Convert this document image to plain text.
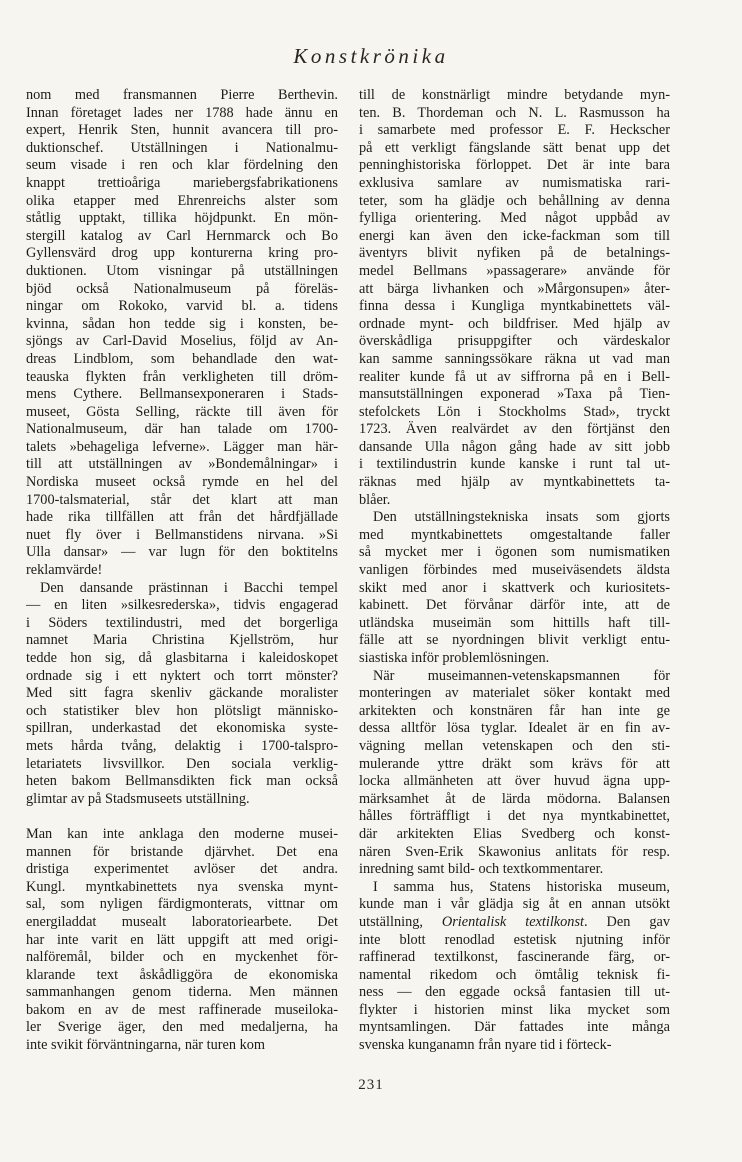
Konstkrönika
nom med fransmannen Pierre Berthevin.
Innan företaget lades ner 1788 hade ännu en
expert, Henrik Sten, hunnit avancera till pro-
duktionschef. Utställningen i Nationalmu-
seum visade i ren och klar fördelning den
knappt trettioåriga mariebergsfabrikationens
olika etapper med Ehrenreichs alster som
ståtlig upptakt, tillika höjdpunkt. En mön-
stergill katalog av Carl Hernmarck och Bo
Gyllensvärd drog upp konturerna kring pro-
duktionen. Utom visningar på utställningen
bjöd också Nationalmuseum på föreläs-
ningar om Rokoko, varvid bl. a. tidens
kvinna, sådan hon tedde sig i konsten, be-
sjöngs av Carl-David Moselius, följd av An-
dreas Lindblom, som behandlade den wat-
teauska flykten från verkligheten till dröm-
mens Cythere. Bellmansexponeraren i Stads-
museet, Gösta Selling, räckte till även för
Nationalmuseum, där han talade om 1700-
talets »behageliga lefverne». Lägger man här-
till att utställningen av »Bondemålningar» i
Nordiska museet också rymde en hel del
1700-talsmaterial, står det klart att man
hade rika tillfällen att från det hårdfjällade
nuet fly över i Bellmanstidens nirvana. »Si
Ulla dansar» — var lugn för den boktitelns
reklamvärde!
Den dansande prästinnan i Bacchi tempel
— en liten »silkesrederska», tidvis engagerad
i Söders textilindustri, med det borgerliga
namnet Maria Christina Kjellström, hur
tedde hon sig, då glasbitarna i kaleidoskopet
ordnade sig i ett nyktert och torrt mönster?
Med sitt fagra skenliv gäckande moralister
och statistiker blev hon plötsligt människo-
spillran, underkastad det ekonomiska syste-
mets hårda tvång, delaktig i 1700-talspro-
letariatets livsvillkor. Den sociala verklig-
heten bakom Bellmansdikten fick man också
glimtar av på Stadsmuseets utställning.
Man kan inte anklaga den moderne musei-
mannen för bristande djärvhet. Det ena
dristiga experimentet avlöser det andra.
Kungl. myntkabinettets nya svenska mynt-
sal, som nyligen färdigmonterats, vittnar om
energiladdat musealt laboratoriearbete. Det
har inte varit en lätt uppgift att med origi-
nalföremål, bilder och en myckenhet för-
klarande text åskådliggöra de ekonomiska
sammanhangen genom tiderna. Men männen
bakom en av de mest raffinerade museiloka-
ler Sverige äger, den med medaljerna, ha
inte svikit förväntningarna, när turen kom
till de konstnärligt mindre betydande myn-
ten. B. Thordeman och N. L. Rasmusson ha
i samarbete med professor E. F. Heckscher
på ett verkligt fängslande sätt benat upp det
penninghistoriska förloppet. Det är inte bara
exklusiva samlare av numismatiska rari-
teter, som ha glädje och behållning av denna
fylliga orientering. Med något uppbåd av
energi kan även den icke-fackman som till
äventyrs blivit nyfiken på de betalnings-
medel Bellmans »passagerare» använde för
att bärga livhanken och »Mårgonsupen» åter-
finna dessa i Kungliga myntkabinettets väl-
ordnade mynt- och bildfriser. Med hjälp av
överskådliga prisuppgifter och värdeskalor
kan samme sanningssökare räkna ut vad man
realiter kunde få ut av siffrorna på en i Bell-
mansutställningen exponerad »Taxa på Tien-
stefolckets Lön i Stockholms Stad», tryckt
1723. Även realvärdet av den förtjänst den
dansande Ulla någon gång hade av sitt jobb
i textilindustrin kunde kanske i runt tal ut-
räknas med hjälp av myntkabinettets ta-
blåer.
Den utställningstekniska insats som gjorts
med myntkabinettets omgestaltande faller
så mycket mer i ögonen som numismatiken
vanligen förbindes med museiväsendets äldsta
skikt med anor i skattverk och kuriositets-
kabinett. Det förvånar därför inte, att de
utländska museimän som hittills haft till-
fälle att se nyordningen blivit verkligt entu-
siastiska inför problemlösningen.
När museimannen-vetenskapsmannen för
monteringen av materialet söker kontakt med
arkitekten och konstnären får han inte ge
dessa alltför lösa tyglar. Idealet är en fin av-
vägning mellan vetenskapen och den sti-
mulerande yttre dräkt som krävs för att
locka allmänheten att över huvud ägna upp-
märksamhet åt de lärda mödorna. Balansen
hålles förträffligt i det nya myntkabinettet,
där arkitekten Elias Svedberg och konst-
nären Sven-Erik Skawonius anlitats för resp.
inredning samt bild- och textkommentarer.
I samma hus, Statens historiska museum,
kunde man i vår glädja sig åt en annan utsökt
utställning, Orientalisk textilkonst. Den gav
inte blott renodlad estetisk njutning inför
raffinerad textilkonst, fascinerande färg, or-
namental rikedom och ömtålig teknisk fi-
ness — den eggade också fantasien till ut-
flykter i historien minst lika mycket som
myntsamlingen. Där fattades inte många
svenska kunganamn från nyare tid i förteck-
231
